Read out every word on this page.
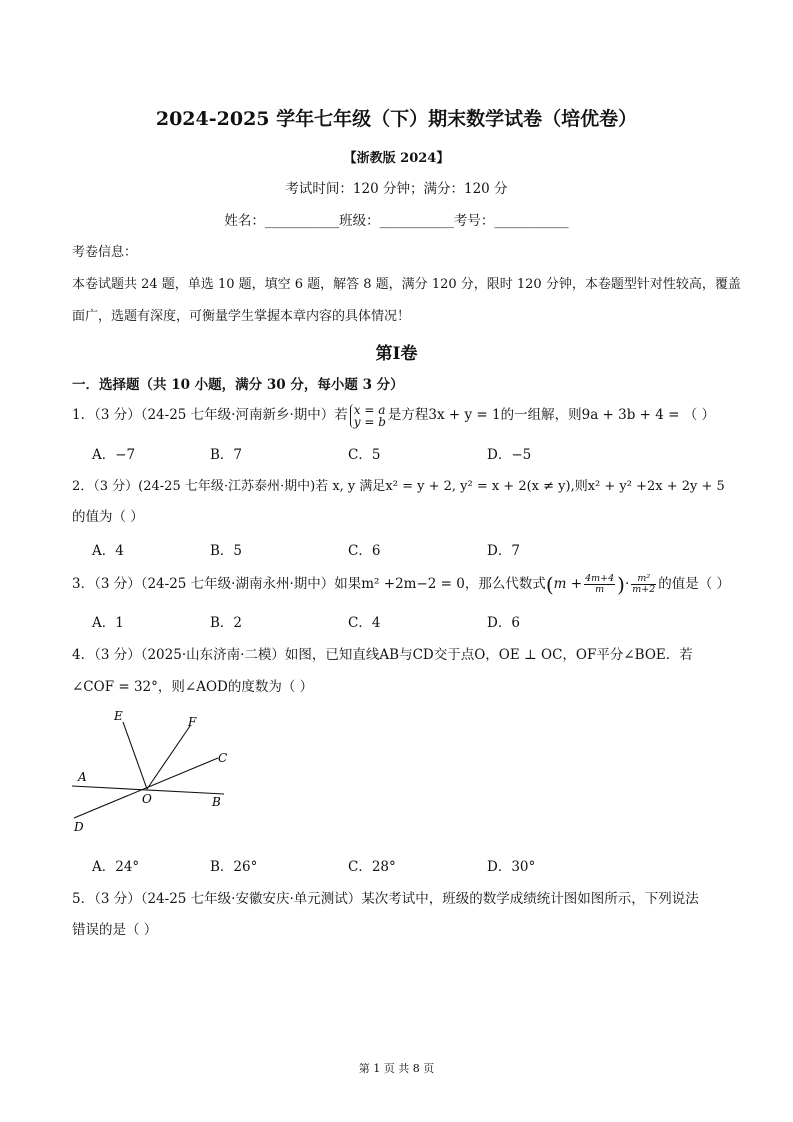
2024-2025 学年七年级（下）期末数学试卷（培优卷）
【浙教版 2024】
考试时间：120 分钟；满分：120 分
姓名：___________班级：___________考号：___________
考卷信息：
本卷试题共 24 题，单选 10 题，填空 6 题，解答 8 题，满分 120 分，限时 120 分钟，本卷题型针对性较高，覆盖
面广，选题有深度，可衡量学生掌握本章内容的具体情况！
第I卷
一．选择题（共 10 小题，满分 30 分，每小题 3 分）
1．（3 分）（24-25 七年级·河南新乡·期中）若 x = a
y = b 是方程3x + y = 1的一组解，则9a + 3b + 4 = （ ）
A．−7	B．7	C．5	D．−5
2．（3 分）(24-25 七年级·江苏泰州·期中)若 x, y 满足x² = y + 2, y² = x + 2(x ≠ y),则x² + y² +2x + 2y + 5
的值为（ ）
A．4	B．5	C．6	D．7
3．（3 分）（24-25 七年级·湖南永州·期中）如果m² +2m−2 = 0，那么代数式($m + \frac{4m+4}{m}$ )· $\frac{\text{m²}}{m+2}$ 的值是（ ）
A．1	B．2	C．4	D．6
4．（3 分）（2025·山东济南·二模）如图，已知直线AB与CD交于点O，OE ⊥ OC，OF平分∠BOE．若
∠COF = 32°，则∠AOD的度数为（ ）
E	F
C
A
O	B
D
A．24°	B．26°	C．28°	D．30°
5．（3 分）（24-25 七年级·安徽安庆·单元测试）某次考试中，班级的数学成绩统计图如图所示，下列说法
错误的是（ ）
第 1 页 共 8 页
